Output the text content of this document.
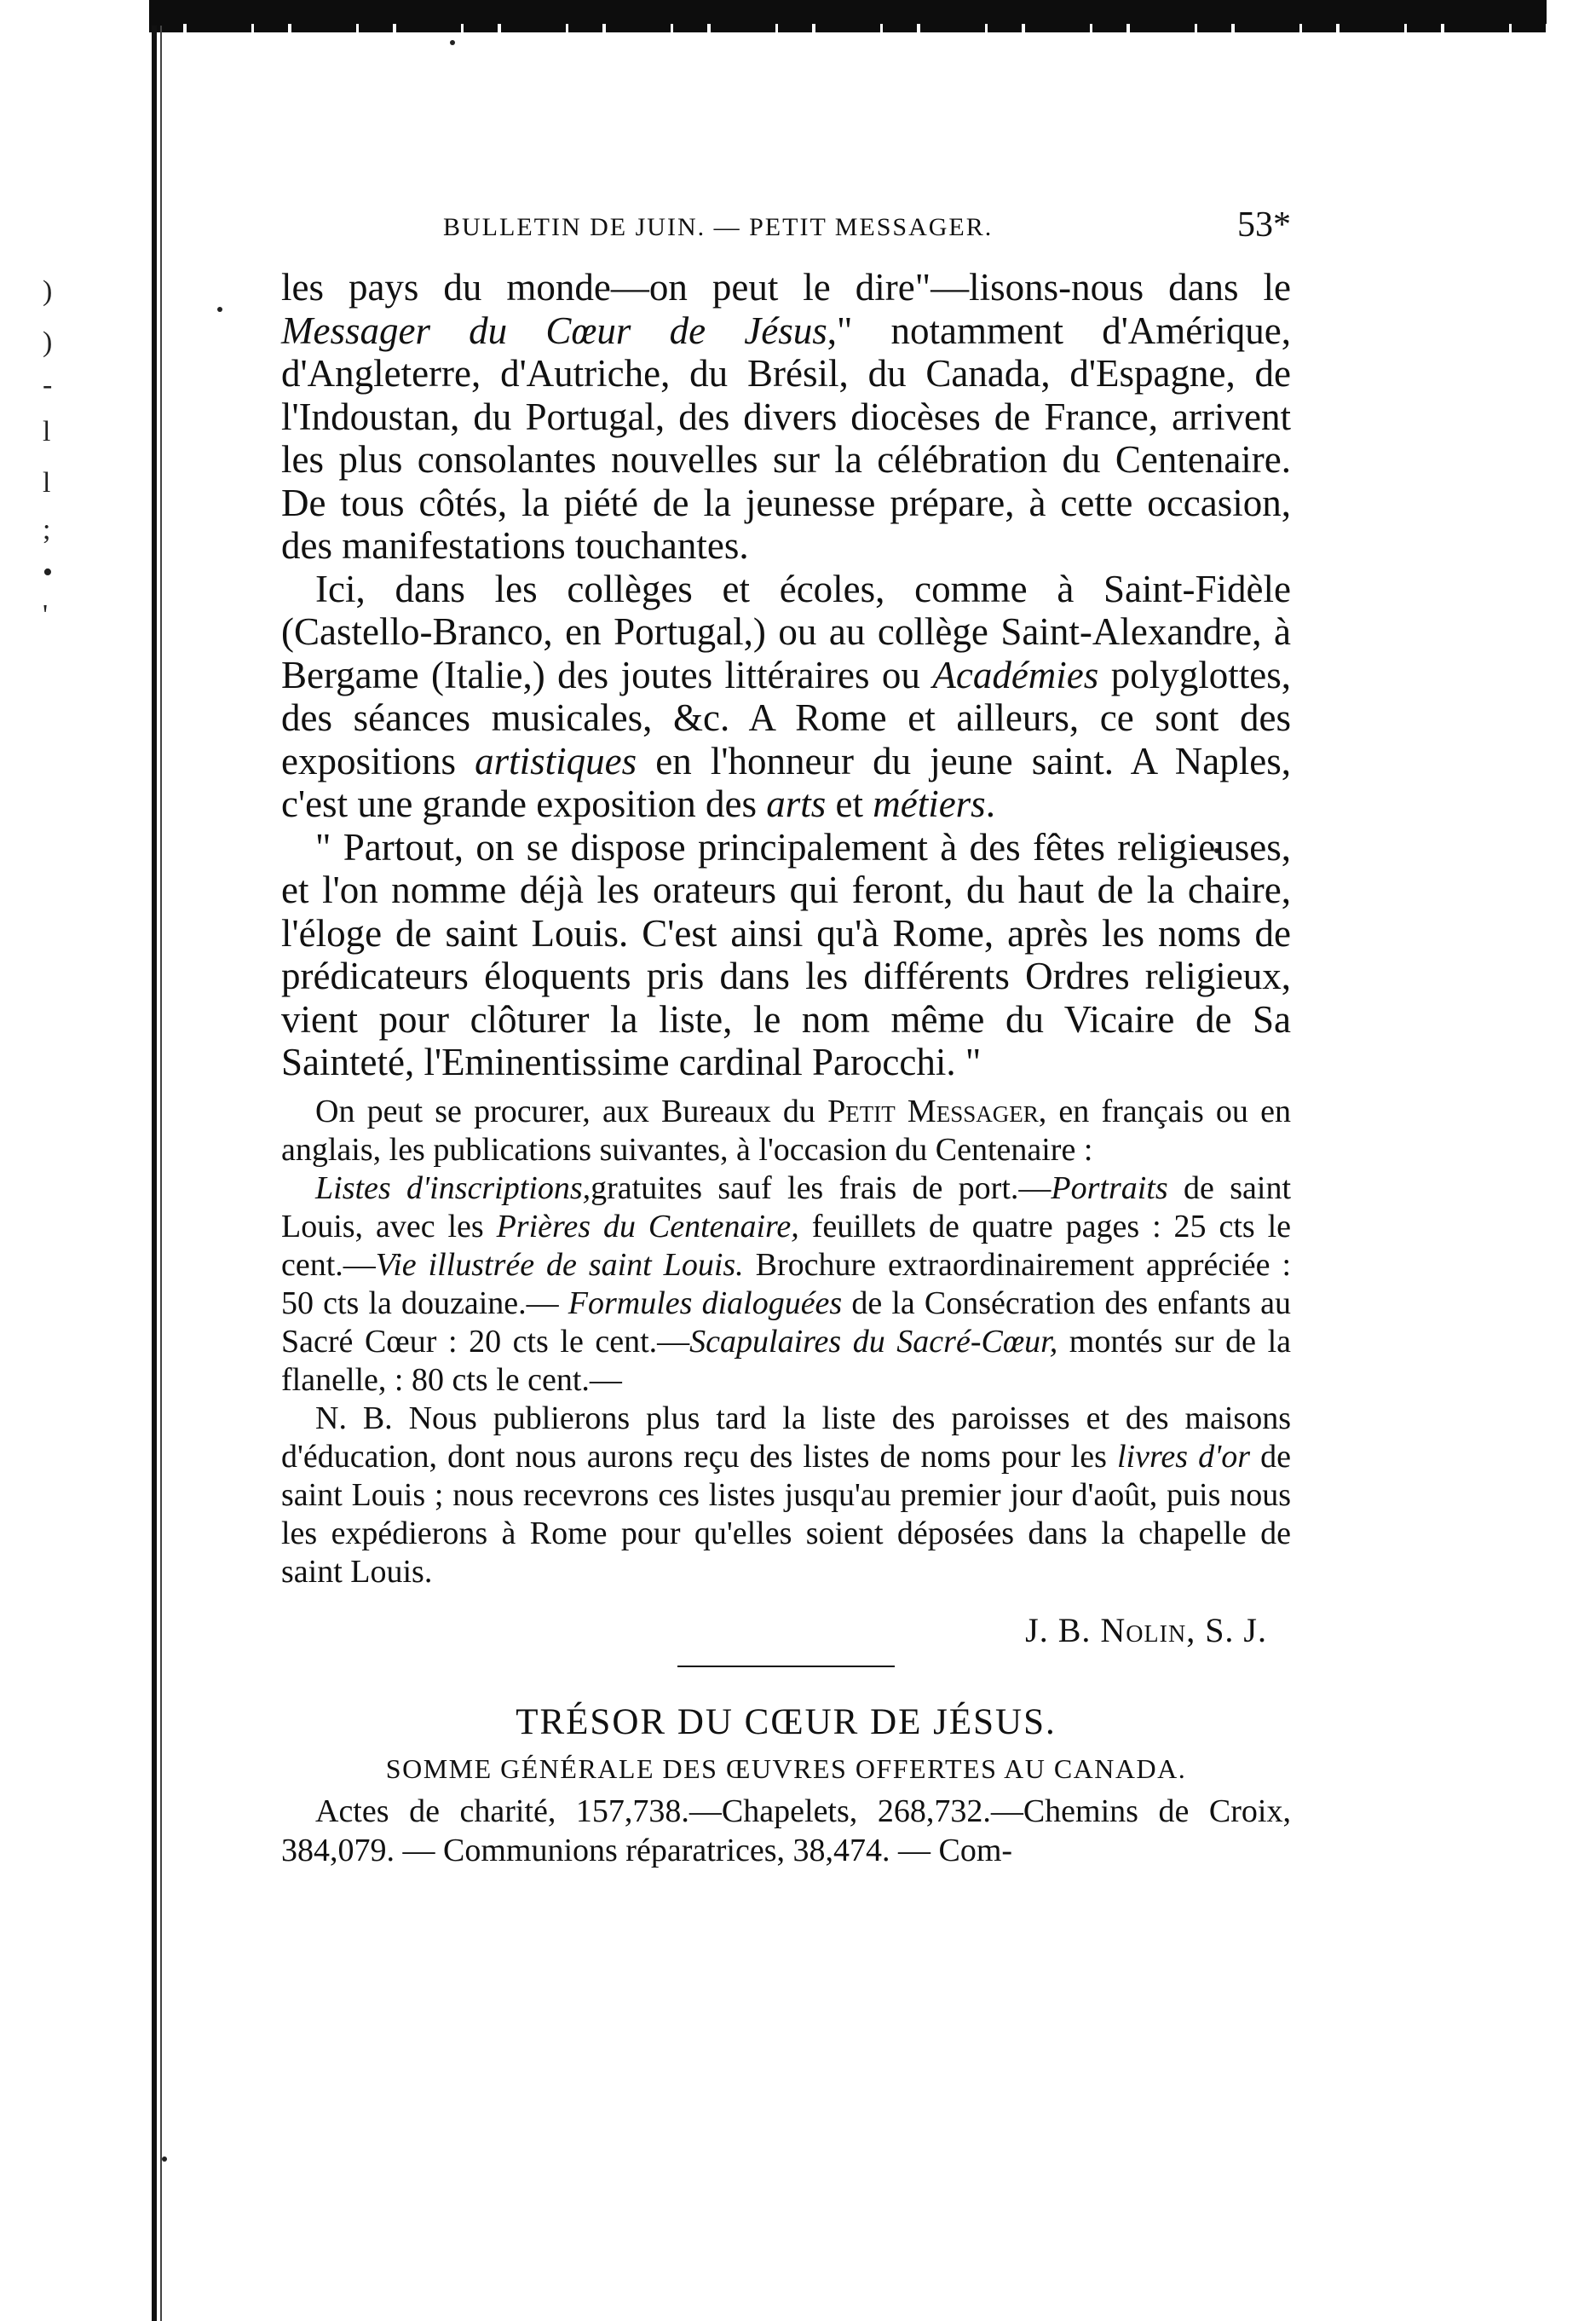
)
)
-
l
l
;
•
'
BULLETIN DE JUIN. — PETIT MESSAGER.	53*

les pays du monde—on peut le dire"—lisons-nous dans le Messager du Cœur de Jésus," notamment d'Amérique, d'Angleterre, d'Autriche, du Brésil, du Canada, d'Espagne, de l'Indoustan, du Portugal, des divers diocèses de France, arrivent les plus consolantes nouvelles sur la célébration du Centenaire. De tous côtés, la piété de la jeunesse prépare, à cette occasion, des manifestations touchantes.

Ici, dans les collèges et écoles, comme à Saint-Fidèle (Castello-Branco, en Portugal,) ou au collège Saint-Alexandre, à Bergame (Italie,) des joutes littéraires ou Académies polyglottes, des séances musicales, &c. A Rome et ailleurs, ce sont des expositions artistiques en l'honneur du jeune saint. A Naples, c'est une grande exposition des arts et métiers.

" Partout, on se dispose principalement à des fêtes religieuses, et l'on nomme déjà les orateurs qui feront, du haut de la chaire, l'éloge de saint Louis. C'est ainsi qu'à Rome, après les noms de prédicateurs éloquents pris dans les différents Ordres religieux, vient pour clôturer la liste, le nom même du Vicaire de Sa Sainteté, l'Eminentissime cardinal Parocchi. "

On peut se procurer, aux Bureaux du Petit Messager, en français ou en anglais, les publications suivantes, à l'occasion du Centenaire :

Listes d'inscriptions,gratuites sauf les frais de port.—Portraits de saint Louis, avec les Prières du Centenaire, feuillets de quatre pages : 25 cts le cent.—Vie illustrée de saint Louis. Brochure extraordinairement appréciée : 50 cts la douzaine.— Formules dialoguées de la Consécration des enfants au Sacré Cœur : 20 cts le cent.—Scapulaires du Sacré-Cœur, montés sur de la flanelle, : 80 cts le cent.—

N. B. Nous publierons plus tard la liste des paroisses et des maisons d'éducation, dont nous aurons reçu des listes de noms pour les livres d'or de saint Louis ; nous recevrons ces listes jusqu'au premier jour d'août, puis nous les expédierons à Rome pour qu'elles soient déposées dans la chapelle de saint Louis.

J. B. Nolin, S. J.
TRÉSOR DU CŒUR DE JÉSUS.
SOMME GÉNÉRALE DES ŒUVRES OFFERTES AU CANADA.

Actes de charité, 157,738.—Chapelets, 268,732.—Chemins de Croix, 384,079. — Communions réparatrices, 38,474. — Com-
